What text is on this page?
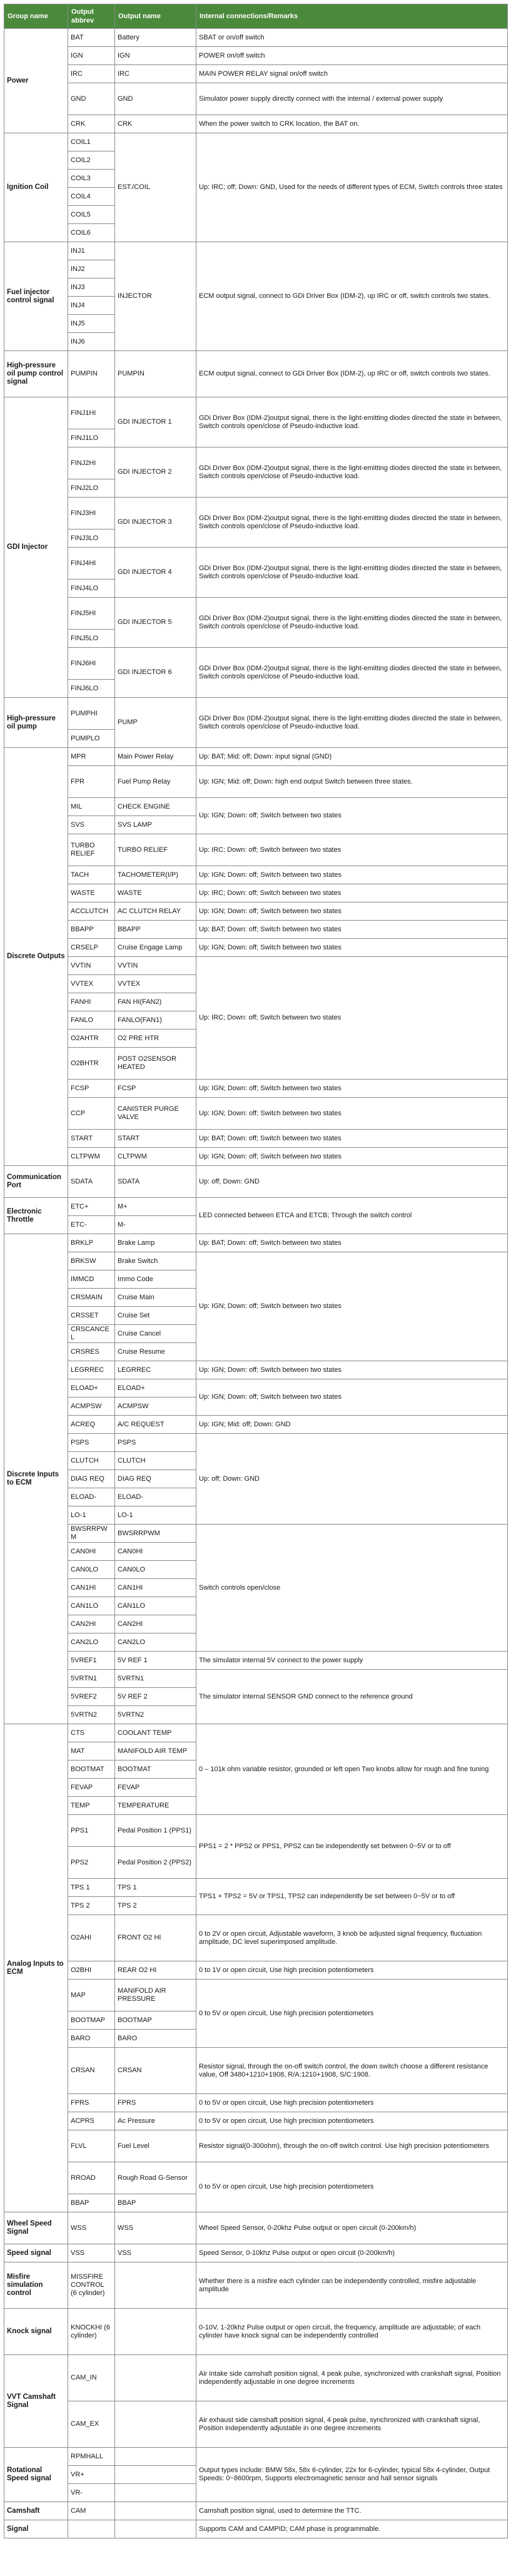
Group name	Output abbrev	Output name	Internal connections/Remarks
Power	BAT	Battery	SBAT or on/off switch
	IGN	IGN	POWER on/off switch
	IRC	IRC	MAIN POWER RELAY signal on/off switch
	GND	GND	Simulator power supply directly connect with the internal / external power supply
	CRK	CRK	When the power switch to CRK location, the BAT on.
Ignition Coil	COIL1	EST./COIL	Up: IRC; off; Down: GND, Used for the needs of different types of ECM, Switch controls three states
	COIL2		
	COIL3		
	COIL4		
	COIL5		
	COIL6		
Fuel injector control signal	INJ1	INJECTOR	ECM output signal, connect to GDi Driver Box (IDM-2), up IRC or off, switch controls two states.
	INJ2		
	INJ3		
	INJ4		
	INJ5		
	INJ6		
High-pressure oil pump control signal	PUMPIN	PUMPIN	ECM output signal, connect to GDi Driver Box (IDM-2), up IRC or off, switch controls two states.
GDI Injector	FINJ1HI	GDI INJECTOR 1	GDi Driver Box (IDM-2)output signal, there is the light-emitting diodes directed the state in between, Switch controls open/close of Pseudo-inductive load.
	FINJ1LO		
	FINJ2HI	GDI INJECTOR 2	GDi Driver Box (IDM-2)output signal, there is the light-emitting diodes directed the state in between, Switch controls open/close of Pseudo-inductive load.
	FINJ2LO		
	FINJ3HI	GDI INJECTOR 3	GDi Driver Box (IDM-2)output signal, there is the light-emitting diodes directed the state in between, Switch controls open/close of Pseudo-inductive load.
	FINJ3LO		
	FINJ4HI	GDI INJECTOR 4	GDi Driver Box (IDM-2)output signal, there is the light-emitting diodes directed the state in between, Switch controls open/close of Pseudo-inductive load.
	FINJ4LO		
	FINJ5HI	GDI INJECTOR 5	GDi Driver Box (IDM-2)output signal, there is the light-emitting diodes directed the state in between, Switch controls open/close of Pseudo-inductive load.
	FINJ5LO		
	FINJ6HI	GDI INJECTOR 6	GDi Driver Box (IDM-2)output signal, there is the light-emitting diodes directed the state in between, Switch controls open/close of Pseudo-inductive load.
	FINJ6LO		
High-pressure oil pump	PUMPHI	PUMP	GDi Driver Box (IDM-2)output signal, there is the light-emitting diodes directed the state in between, Switch controls open/close of Pseudo-inductive load.
	PUMPLO		
Discrete Outputs	MPR	Main Power Relay	Up: BAT; Mid: off; Down: input signal (GND)
	FPR	Fuel Pump Relay	Up: IGN; Mid: off; Down: high end output Switch between three states.
	MIL	CHECK ENGINE	Up: IGN; Down: off; Switch between two states
	SVS	SVS LAMP	
	TURBO RELIEF	TURBO RELIEF	Up: IRC; Down: off; Switch between two states
	TACH	TACHOMETER(I/P)	Up: IGN; Down: off; Switch between two states
	WASTE	WASTE	Up: IRC; Down: off; Switch between two states
	ACCLUTCH	AC CLUTCH RELAY	Up: IGN; Down: off; Switch between two states
	BBAPP	BBAPP	Up: BAT; Down: off; Switch between two states
	CRSELP	Cruise Engage Lamp	Up: IGN; Down: off; Switch between two states
	VVTIN	VVTIN	Up: IRC; Down: off; Switch between two states
	VVTEX	VVTEX	
	FANHI	FAN HI(FAN2)	
	FANLO	FANLO(FAN1)	
	O2AHTR	O2 PRE HTR	
	O2BHTR	POST O2SENSOR HEATED	
	FCSP	FCSP	Up: IGN; Down: off; Switch between two states
	CCP	CANISTER PURGE VALVE	Up: IGN; Down: off; Switch between two states
	START	START	Up: BAT; Down: off; Switch between two states
	CLTPWM	CLTPWM	Up: IGN; Down: off; Switch between two states
Communication Port	SDATA	SDATA	Up: off; Down: GND
Electronic Throttle	ETC+	M+	LED connected between ETCA and ETCB; Through the switch control
	ETC-	M-	
Discrete Inputs to ECM	BRKLP	Brake Lamp	Up: BAT; Down: off; Switch between two states
	BRKSW	Brake Switch	Up: IGN; Down: off; Switch between two states
	IMMCD	Immo Code	
	CRSMAIN	Cruise Main	
	CRSSET	Cruise Set	
	CRSCANCEL	Cruise Cancel	
	CRSRES	Cruise Resume	
	LEGRREC	LEGRREC	Up: IGN; Down: off; Switch between two states
	ELOAD+	ELOAD+	Up: IGN; Down: off; Switch between two states
	ACMPSW	ACMPSW	
	ACREQ	A/C REQUEST	Up: IGN; Mid: off; Down: GND
	PSPS	PSPS	Up: off; Down: GND
	CLUTCH	CLUTCH	
	DIAG REQ	DIAG REQ	
	ELOAD-	ELOAD-	
	LO-1	LO-1	
	BWSRRPWM	BWSRRPWM	Switch controls open/close
	CAN0HI	CAN0HI	
	CAN0LO	CAN0LO	
	CAN1HI	CAN1HI	
	CAN1LO	CAN1LO	
	CAN2HI	CAN2HI	
	CAN2LO	CAN2LO	
	5VREF1	5V REF 1	The simulator internal 5V connect to the power supply
	5VRTN1	5VRTN1	The simulator internal SENSOR GND connect to the reference ground
	5VREF2	5V REF 2	
	5VRTN2	5VRTN2	
Analog Inputs to ECM	CTS	COOLANT TEMP	0 – 101k ohm variable resistor, grounded or left open Two knobs allow for rough and fine tuning
	MAT	MANIFOLD AIR TEMP	
	BOOTMAT	BOOTMAT	
	FEVAP	FEVAP	
	TEMP	TEMPERATURE	
	PPS1	Pedal Position 1 (PPS1)	PPS1 = 2 * PPS2 or PPS1, PPS2 can be independently set between 0~5V or to off
	PPS2	Pedal Position 2 (PPS2)	
	TPS 1	TPS 1	TPS1 + TPS2 = 5V or TPS1, TPS2 can independently be set between 0~5V or to off
	TPS 2	TPS 2	
	O2AHI	FRONT O2 HI	0 to 2V or open circuit, Adjustable waveform, 3 knob be adjusted signal frequency, fluctuation amplitude, DC level superimposed amplitude.
	O2BHI	REAR O2 HI	0 to 1V or open circuit, Use high precision potentiometers
	MAP	MANIFOLD AIR PRESSURE	0 to 5V or open circuit, Use high precision potentiometers
	BOOTMAP	BOOTMAP	
	BARO	BARO	
	CRSAN	CRSAN	Resistor signal, through the on-off switch control, the down switch choose a different resistance value, Off 3480+1210+1908, R/A:1210+1908, S/C:1908.
	FPRS	FPRS	0 to 5V or open circuit, Use high precision potentiometers
	ACPRS	Ac Pressure	0 to 5V or open circuit, Use high precision potentiometers
	FLVL	Fuel Level	Resistor signal(0-300ohm), through the on-off switch control. Use high precision potentiometers
	RROAD	Rough Road G-Sensor	0 to 5V or open circuit, Use high precision potentiometers
	BBAP	BBAP	
Wheel Speed Signal	WSS	WSS	Wheel Speed Sensor, 0-20khz Pulse output or open circuit (0-200km/h)
Speed signal	VSS	VSS	Speed Sensor, 0-10khz Pulse output or open circuit (0-200km/h)
Misfire simulation control	MISSFIRE CONTROL (6 cylinder)		Whether there is a misfire each cylinder can be independently controlled, misfire adjustable amplitude
Knock signal	KNOCKHI (6 cylinder)		0-10V, 1-20khz Pulse output or open circuit, the frequency, amplitude are adjustable; of each cylinder have knock signal can be independently controlled
VVT Camshaft Signal	CAM_IN		Air intake side camshaft position signal, 4 peak pulse, synchronized with crankshaft signal, Position independently adjustable in one degree increments
	CAM_EX		Air exhaust side camshaft position signal, 4 peak pulse, synchronized with crankshaft signal, Position independently adjustable in one degree increments
Rotational Speed signal	RPMHALL		Output types include: BMW 58x, 58x 6-cylinder, 22x for 6-cylinder, typical 58x 4-cylinder, Output Speeds: 0~8600rpm, Supports electromagnetic sensor and hall sensor signals
	VR+		
	VR-		
Camshaft	CAM		Camshaft position signal, used to determine the TTC.
Signal			Supports CAM and CAMPID; CAM phase is programmable.
